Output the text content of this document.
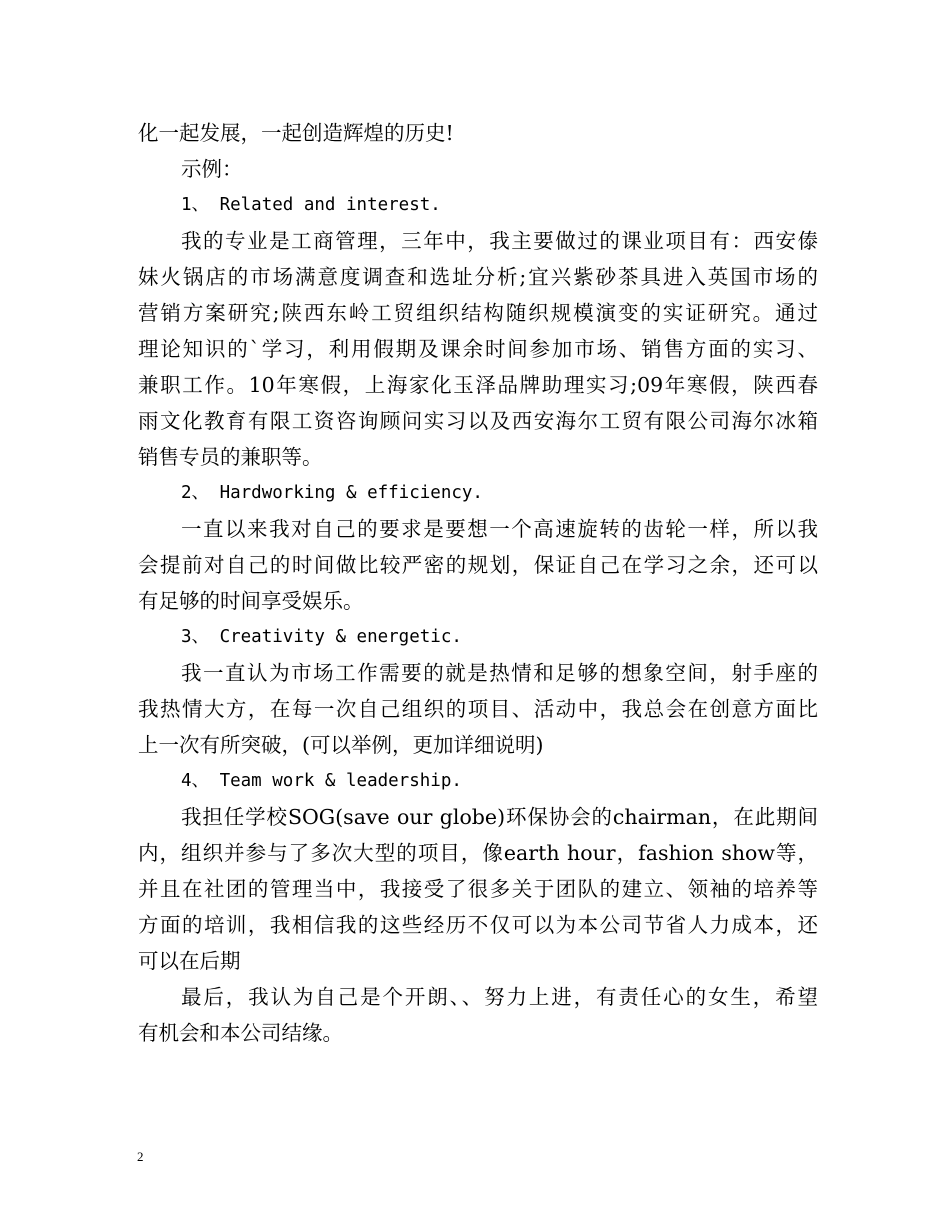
化一起发展，一起创造辉煌的历史!
示例：
1、 Related and interest.
我的专业是工商管理，三年中，我主要做过的课业项目有：西安傣
妹火锅店的市场满意度调查和选址分析;宜兴紫砂茶具进入英国市场的
营销方案研究;陕西东岭工贸组织结构随织规模演变的实证研究。通过
理论知识的`学习，利用假期及课余时间参加市场、销售方面的实习、
兼职工作。10年寒假，上海家化玉泽品牌助理实习;09年寒假，陕西春
雨文化教育有限工资咨询顾问实习以及西安海尔工贸有限公司海尔冰箱
销售专员的兼职等。
2、 Hardworking & efficiency.
一直以来我对自己的要求是要想一个高速旋转的齿轮一样，所以我
会提前对自己的时间做比较严密的规划，保证自己在学习之余，还可以
有足够的时间享受娱乐。
3、 Creativity & energetic.
我一直认为市场工作需要的就是热情和足够的想象空间，射手座的
我热情大方，在每一次自己组织的项目、活动中，我总会在创意方面比
上一次有所突破，(可以举例，更加详细说明)
4、 Team work & leadership.
我担任学校SOG(save our globe)环保协会的chairman，在此期间
内，组织并参与了多次大型的项目，像earth hour，fashion show等，
并且在社团的管理当中，我接受了很多关于团队的建立、领袖的培养等
方面的培训，我相信我的这些经历不仅可以为本公司节省人力成本，还
可以在后期
最后，我认为自己是个开朗、、努力上进，有责任心的女生，希望
有机会和本公司结缘。
2
